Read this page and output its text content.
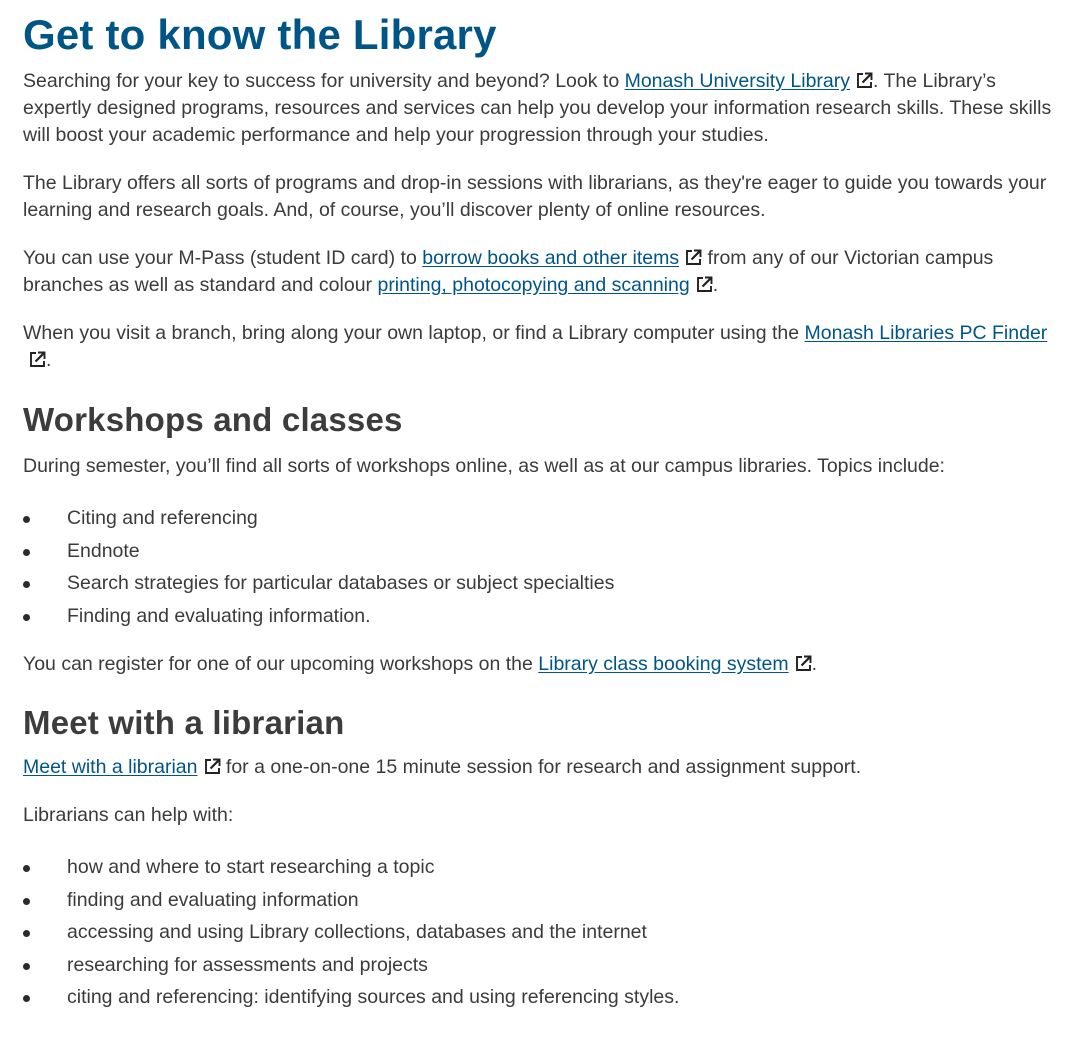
Get to know the Library

Searching for your key to success for university and beyond? Look to Monash University Library . The Library’s expertly designed programs, resources and services can help you develop your information research skills. These skills will boost your academic performance and help your progression through your studies.

The Library offers all sorts of programs and drop-in sessions with librarians, as they're eager to guide you towards your learning and research goals. And, of course, you’ll discover plenty of online resources.

You can use your M-Pass (student ID card) to borrow books and other items
from any of our Victorian campus branches as well as standard and colour printing, photocopying and scanning .

When you visit a branch, bring along your own laptop, or find a Library computer using the Monash Libraries PC Finder
.

Workshops and classes

During semester, you’ll find all sorts of workshops online, as well as at our campus libraries. Topics include:

Citing and referencing
Endnote
Search strategies for particular databases or subject specialties
Finding and evaluating information.

You can register for one of our upcoming workshops on the Library class booking system .

Meet with a librarian

Meet with a librarian
for a one-on-one 15 minute session for research and assignment support.

Librarians can help with:

how and where to start researching a topic
finding and evaluating information
accessing and using Library collections, databases and the internet
researching for assessments and projects
citing and referencing: identifying sources and using referencing styles.
